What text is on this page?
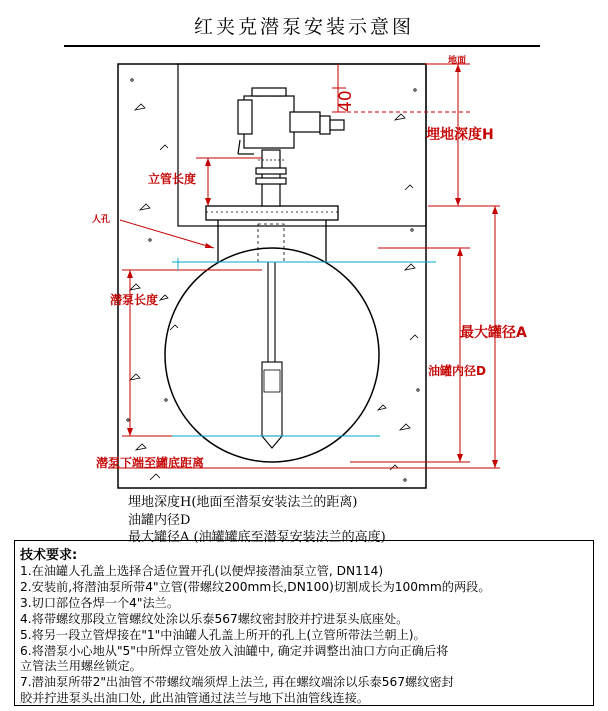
红夹克潜泵安装示意图
地面
40
埋地深度H
立管长度
人孔
潜泵长度
最大罐径A
油罐内径D
潜泵下端至罐底距离
埋地深度H(地面至潜泵安装法兰的距离)
油罐内径D
最大罐径A (油罐罐底至潜泵安装法兰的高度)
技术要求:
1.在油罐人孔盖上选择合适位置开孔(以便焊接潜油泵立管, DN114)
2.安装前,将潜油泵所带4"立管(带螺纹200mm长,DN100)切割成长为100mm的两段。
3.切口部位各焊一个4"法兰。
4.将带螺纹那段立管螺纹处涂以乐泰567螺纹密封胶并拧进泵头底座处。
5.将另一段立管焊接在"1"中油罐人孔盖上所开的孔上(立管所带法兰朝上)。
6.将潜泵小心地从"5"中所焊立管处放入油罐中, 确定并调整出油口方向正确后将
立管法兰用螺丝锁定。
7.潜油泵所带2"出油管不带螺纹端须焊上法兰, 再在螺纹端涂以乐泰567螺纹密封
胶并拧进泵头出油口处, 此出油管通过法兰与地下出油管线连接。
